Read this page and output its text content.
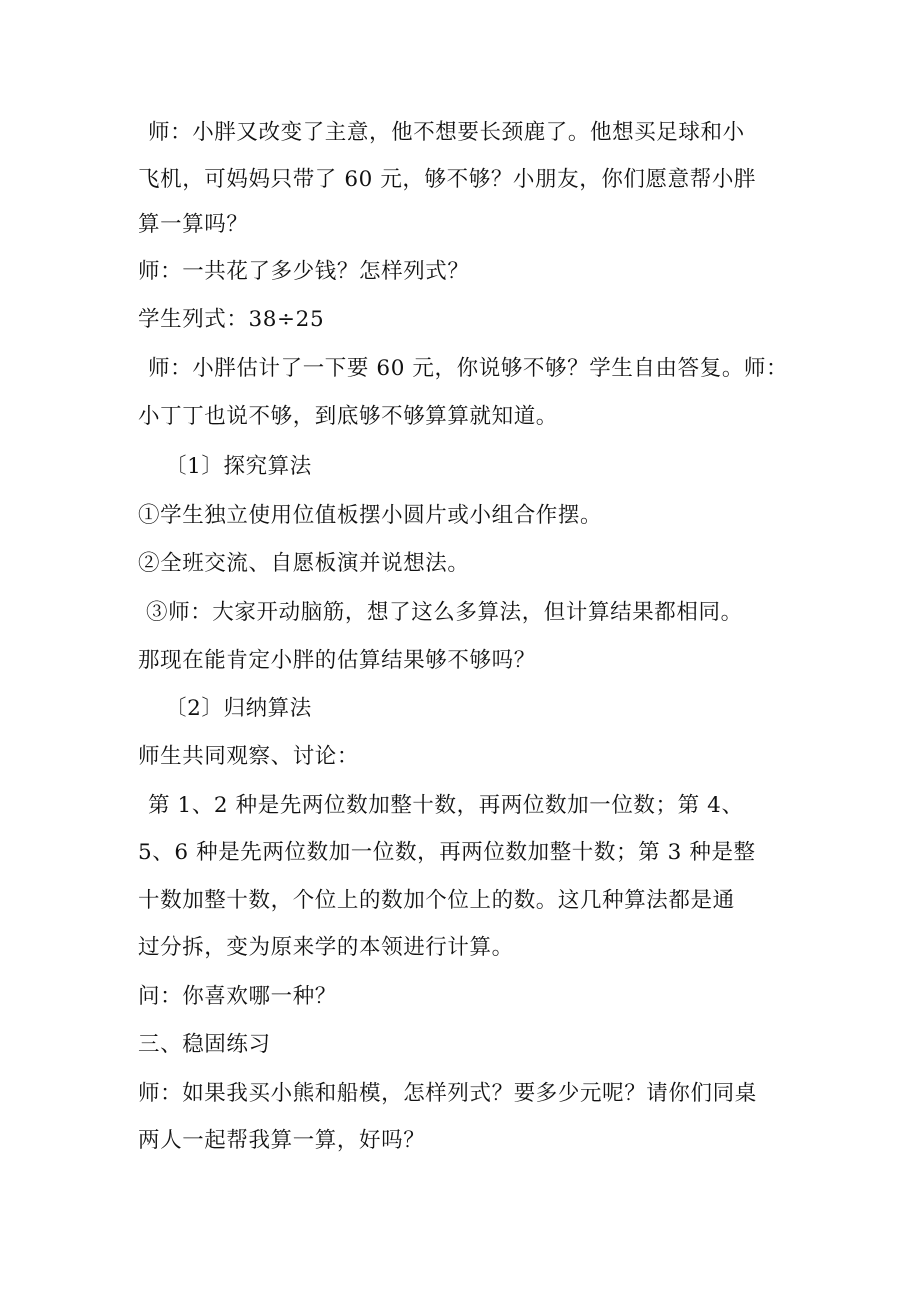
师：小胖又改变了主意，他不想要长颈鹿了。他想买足球和小
飞机，可妈妈只带了 60 元，够不够？小朋友，你们愿意帮小胖
算一算吗？
师：一共花了多少钱？怎样列式？
学生列式：38÷25
师：小胖估计了一下要 60 元，你说够不够？学生自由答复。师：
小丁丁也说不够，到底够不够算算就知道。
〔1〕探究算法
①学生独立使用位值板摆小圆片或小组合作摆。
②全班交流、自愿板演并说想法。
③师：大家开动脑筋，想了这么多算法，但计算结果都相同。
那现在能肯定小胖的估算结果够不够吗？
〔2〕归纳算法
师生共同观察、讨论：
第 1、2 种是先两位数加整十数，再两位数加一位数；第 4、
5、6 种是先两位数加一位数，再两位数加整十数；第 3 种是整
十数加整十数，个位上的数加个位上的数。这几种算法都是通
过分拆，变为原来学的本领进行计算。
问：你喜欢哪一种？
三、稳固练习
师：如果我买小熊和船模，怎样列式？要多少元呢？请你们同桌
两人一起帮我算一算，好吗？
